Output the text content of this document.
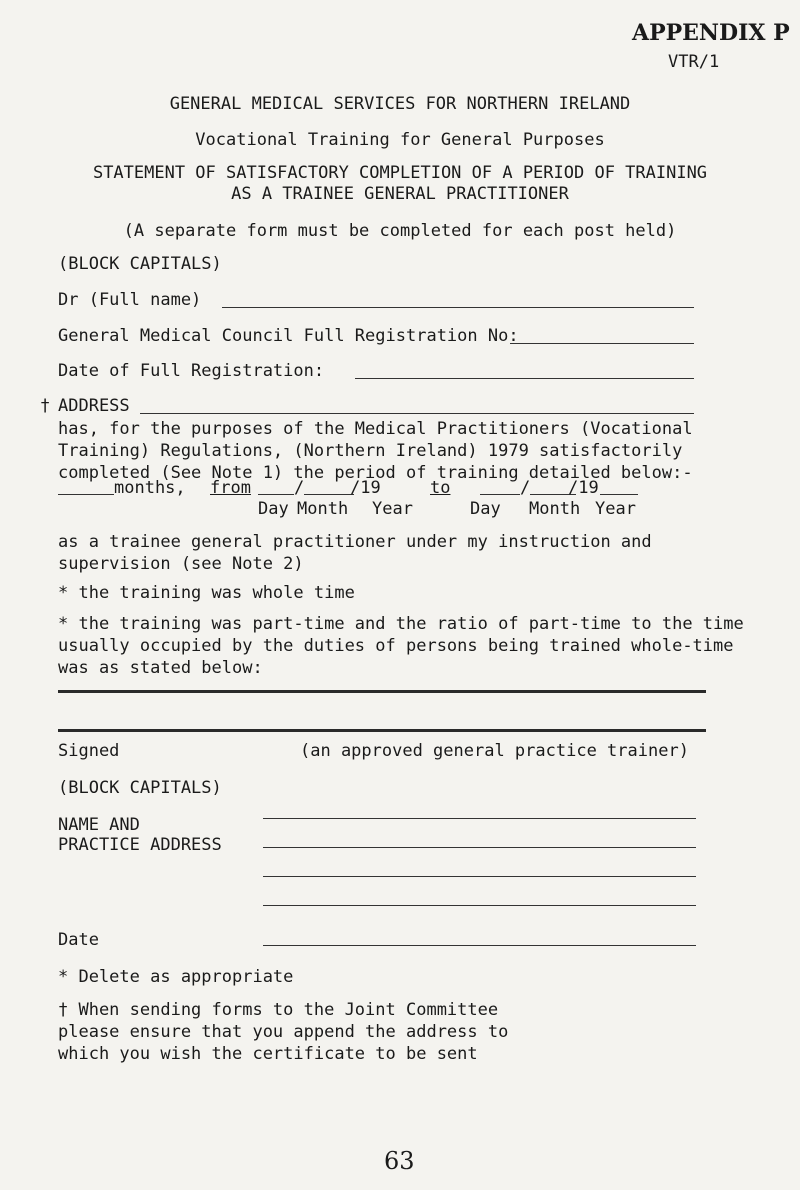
APPENDIX P
VTR/1
GENERAL MEDICAL SERVICES FOR NORTHERN IRELAND
Vocational Training for General Purposes
STATEMENT OF SATISFACTORY COMPLETION OF A PERIOD OF TRAINING
AS A TRAINEE GENERAL PRACTITIONER
(A separate form must be completed for each post held)
(BLOCK CAPITALS)
Dr (Full name)
General Medical Council Full Registration No:
Date of Full Registration:
† ADDRESS
has, for the purposes of the Medical Practitioners (Vocational Training) Regulations, (Northern Ireland) 1979 satisfactorily completed (See Note 1) the period of training detailed below:-
months, from	/	/19	to	/ /19
Day Month Year	Day Month Year
as a trainee general practitioner under my instruction and supervision (see Note 2)
* the training was whole time
* the training was part-time and the ratio of part-time to the time usually occupied by the duties of persons being trained whole-time was as stated below:
Signed	(an approved general practice trainer)
(BLOCK CAPITALS)
NAME AND
PRACTICE ADDRESS
Date
* Delete as appropriate
† When sending forms to the Joint Committee please ensure that you append the address to which you wish the certificate to be sent
63
